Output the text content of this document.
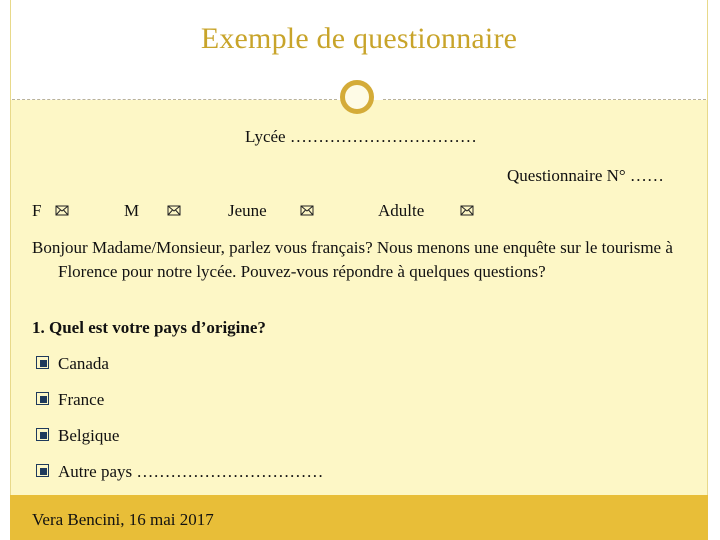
Exemple de questionnaire
Lycée ……………………………
Questionnaire N° ……
F	M	Jeune	Adulte
Bonjour Madame/Monsieur, parlez vous français? Nous menons une enquête sur le tourisme à Florence pour notre lycée. Pouvez-vous répondre à quelques questions?
1. Quel est votre pays d’origine?
Canada
France
Belgique
Autre pays ……………………………
Vera Bencini, 16 mai 2017
